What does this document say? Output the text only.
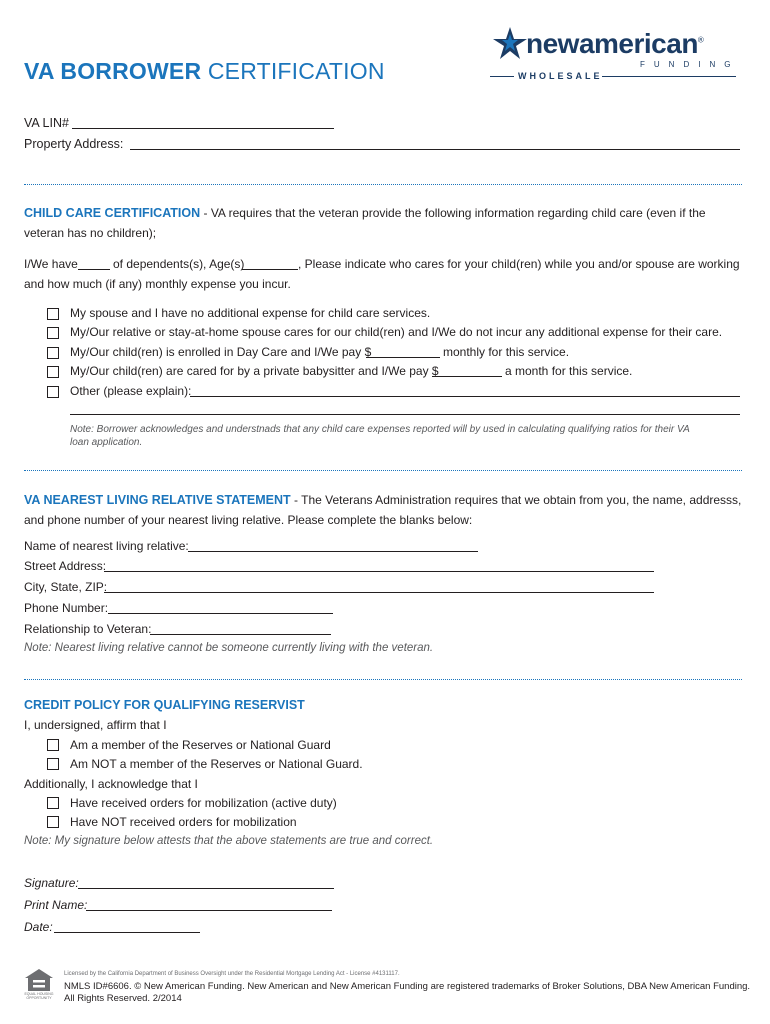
VA BORROWER CERTIFICATION
newamerican®
FUNDING
WHOLESALE
VA LIN#
Property Address:
CHILD CARE CERTIFICATION - VA requires that the veteran provide the following information regarding child care (even if the
veteran has no children);
I/We have	of dependents(s), Age(s)	, Please indicate who cares for your child(ren) while you and/or spouse are working
and how much (if any) monthly expense you incur.
My spouse and I have no additional expense for child care services.
My/Our relative or stay-at-home spouse cares for our child(ren) and I/We do not incur any additional expense for their care.
My/Our child(ren) is enrolled in Day Care and I/We pay $	monthly for this service.
My/Our child(ren) are cared for by a private babysitter and I/We pay $	a month for this service.
Other (please explain):
Note: Borrower acknowledges and understnads that any child care expenses reported will by used in calculating qualifying ratios for their VA
loan application.
VA NEAREST LIVING RELATIVE STATEMENT - The Veterans Administration requires that we obtain from you, the name, addresss,
and phone number of your nearest living relative. Please complete the blanks below:
Name of nearest living relative:
Street Address:
City, State, ZIP:
Phone Number:
Relationship to Veteran:
Note: Nearest living relative cannot be someone currently living with the veteran.
CREDIT POLICY FOR QUALIFYING RESERVIST
I, undersigned, affirm that I
Am a member of the Reserves or National Guard
Am NOT a member of the Reserves or National Guard.
Additionally, I acknowledge that I
Have received orders for mobilization (active duty)
Have NOT received orders for mobilization
Note: My signature below attests that the above statements are true and correct.
Signature:
Print Name:
Date:
EQUAL HOUSING OPPORTUNITY
Licensed by the California Department of Business Oversight under the Residential Mortgage Lending Act - License #4131117.
NMLS ID#6606. © New American Funding. New American and New American Funding are registered trademarks of Broker Solutions, DBA New American Funding.
All Rights Reserved. 2/2014
